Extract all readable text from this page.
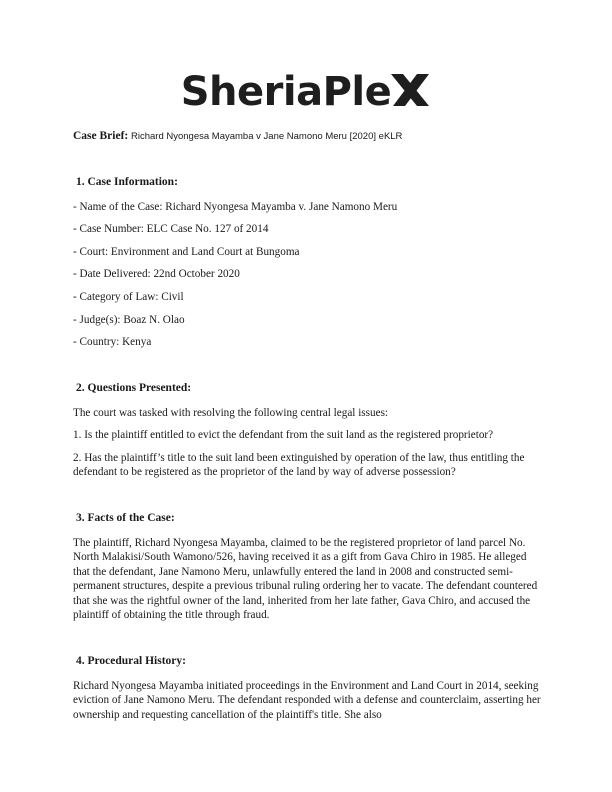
SheriaPle
Case Brief: Richard Nyongesa Mayamba v Jane Namono Meru [2020] eKLR
1. Case Information:
- Name of the Case: Richard Nyongesa Mayamba v. Jane Namono Meru
- Case Number: ELC Case No. 127 of 2014
- Court: Environment and Land Court at Bungoma
- Date Delivered: 22nd October 2020
- Category of Law: Civil
- Judge(s): Boaz N. Olao
- Country: Kenya
2. Questions Presented:

The court was tasked with resolving the following central legal issues:

1. Is the plaintiff entitled to evict the defendant from the suit land as the registered proprietor?

2. Has the plaintiff’s title to the suit land been extinguished by operation of the law, thus entitling the defendant to be registered as the proprietor of the land by way of adverse possession?

3. Facts of the Case:

The plaintiff, Richard Nyongesa Mayamba, claimed to be the registered proprietor of land parcel No. North Malakisi/South Wamono/526, having received it as a gift from Gava Chiro in 1985. He alleged that the defendant, Jane Namono Meru, unlawfully entered the land in 2008 and constructed semi-permanent structures, despite a previous tribunal ruling ordering her to vacate. The defendant countered that she was the rightful owner of the land, inherited from her late father, Gava Chiro, and accused the plaintiff of obtaining the title through fraud.

4. Procedural History:

Richard Nyongesa Mayamba initiated proceedings in the Environment and Land Court in 2014, seeking eviction of Jane Namono Meru. The defendant responded with a defense and counterclaim, asserting her ownership and requesting cancellation of the plaintiff's title. She also
